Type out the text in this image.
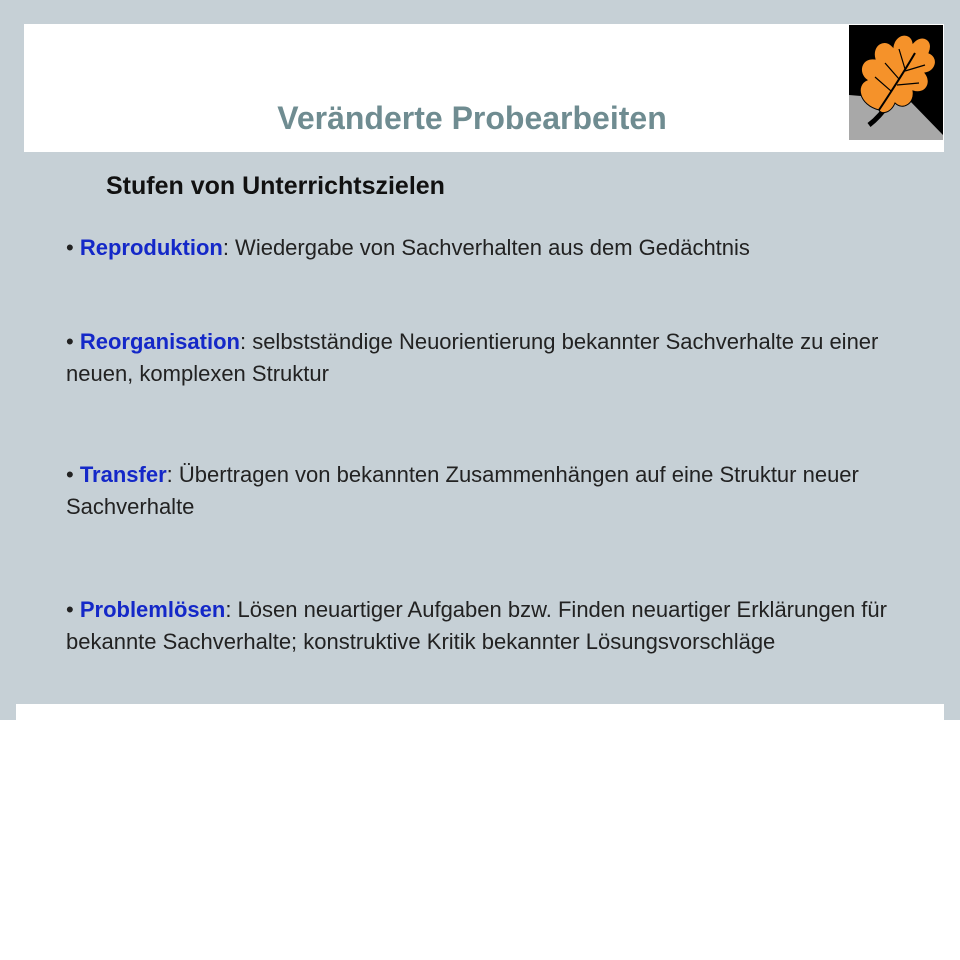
Veränderte Probearbeiten
Stufen von Unterrichtszielen
• Reproduktion: Wiedergabe von Sachverhalten aus dem Gedächtnis
• Reorganisation: selbstständige Neuorientierung bekannter Sachverhalte zu einer neuen, komplexen Struktur
• Transfer: Übertragen von bekannten Zusammenhängen auf eine Struktur neuer Sachverhalte
• Problemlösen: Lösen neuartiger Aufgaben bzw. Finden neuartiger Erklärungen für bekannte Sachverhalte; konstruktive Kritik bekannter Lösungsvorschläge
